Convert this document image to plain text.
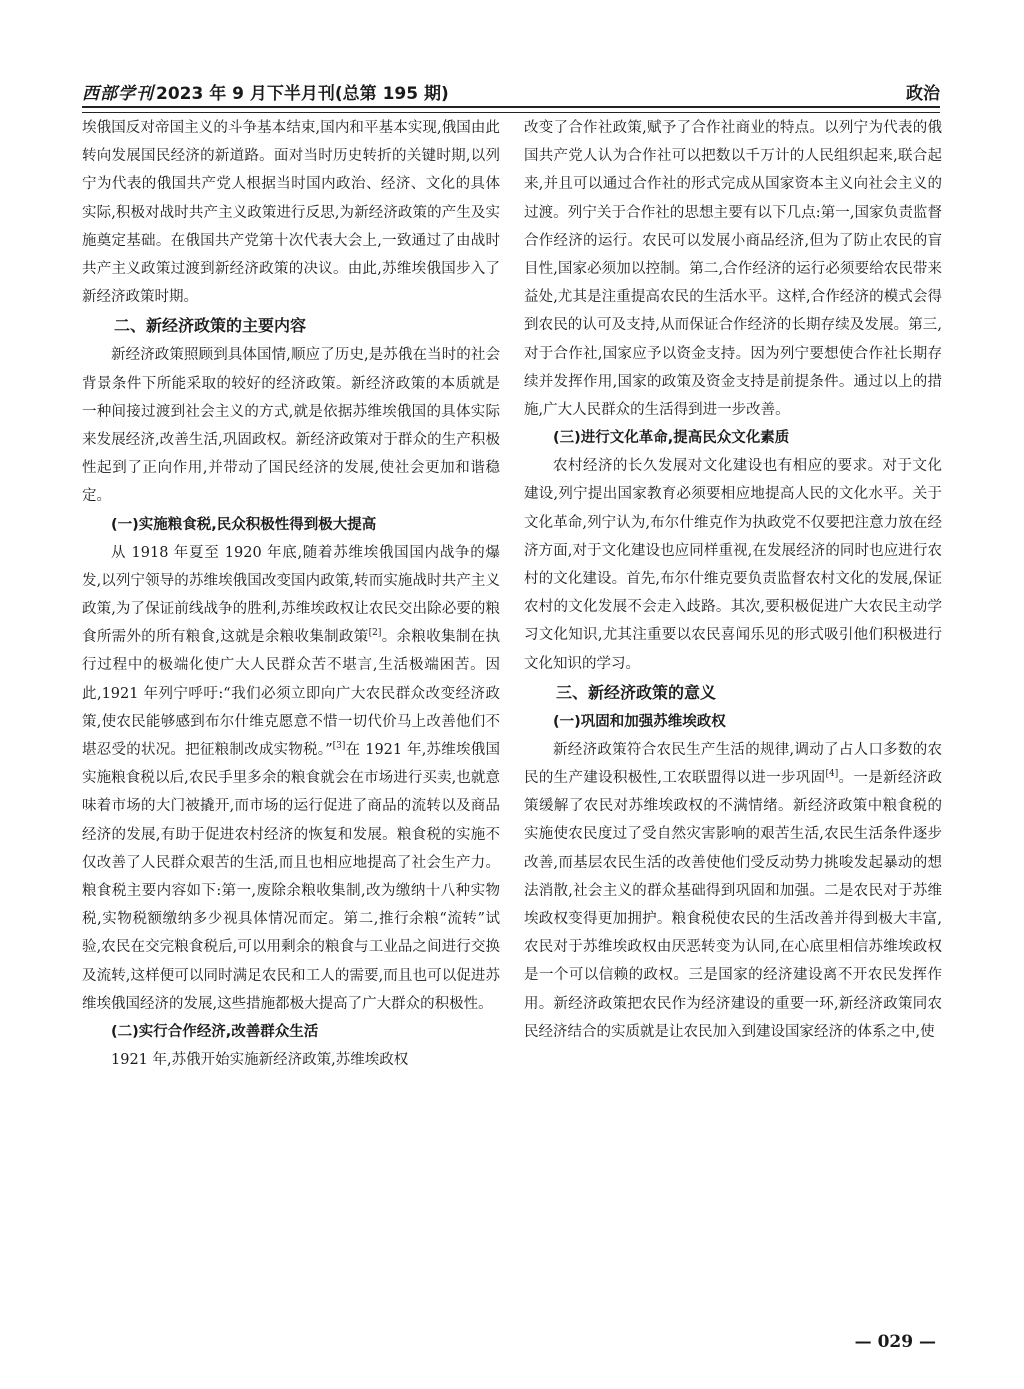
西部学刊 2023 年 9 月下半月刊(总第 195 期)	政治

埃俄国反对帝国主义的斗争基本结束,国内和平基本实现,俄国由此转向发展国民经济的新道路。面对当时历史转折的关键时期,以列宁为代表的俄国共产党人根据当时国内政治、经济、文化的具体实际,积极对战时共产主义政策进行反思,为新经济政策的产生及实施奠定基础。在俄国共产党第十次代表大会上,一致通过了由战时共产主义政策过渡到新经济政策的决议。由此,苏维埃俄国步入了新经济政策时期。

二、新经济政策的主要内容

新经济政策照顾到具体国情,顺应了历史,是苏俄在当时的社会背景条件下所能采取的较好的经济政策。新经济政策的本质就是一种间接过渡到社会主义的方式,就是依据苏维埃俄国的具体实际来发展经济,改善生活,巩固政权。新经济政策对于群众的生产积极性起到了正向作用,并带动了国民经济的发展,使社会更加和谐稳定。

(一)实施粮食税,民众积极性得到极大提高

从 1918 年夏至 1920 年底,随着苏维埃俄国国内战争的爆发,以列宁领导的苏维埃俄国改变国内政策,转而实施战时共产主义政策,为了保证前线战争的胜利,苏维埃政权让农民交出除必要的粮食所需外的所有粮食,这就是余粮收集制政策[2]。余粮收集制在执行过程中的极端化使广大人民群众苦不堪言,生活极端困苦。因此,1921 年列宁呼吁:“我们必须立即向广大农民群众改变经济政策,使农民能够感到布尔什维克愿意不惜一切代价马上改善他们不堪忍受的状况。把征粮制改成实物税。”[3]在 1921 年,苏维埃俄国实施粮食税以后,农民手里多余的粮食就会在市场进行买卖,也就意味着市场的大门被撬开,而市场的运行促进了商品的流转以及商品经济的发展,有助于促进农村经济的恢复和发展。粮食税的实施不仅改善了人民群众艰苦的生活,而且也相应地提高了社会生产力。粮食税主要内容如下:第一,废除余粮收集制,改为缴纳十八种实物税,实物税额缴纳多少视具体情况而定。第二,推行余粮“流转”试验,农民在交完粮食税后,可以用剩余的粮食与工业品之间进行交换及流转,这样便可以同时满足农民和工人的需要,而且也可以促进苏维埃俄国经济的发展,这些措施都极大提高了广大群众的积极性。

(二)实行合作经济,改善群众生活

1921 年,苏俄开始实施新经济政策,苏维埃政权

改变了合作社政策,赋予了合作社商业的特点。以列宁为代表的俄国共产党人认为合作社可以把数以千万计的人民组织起来,联合起来,并且可以通过合作社的形式完成从国家资本主义向社会主义的过渡。列宁关于合作社的思想主要有以下几点:第一,国家负责监督合作经济的运行。农民可以发展小商品经济,但为了防止农民的盲目性,国家必须加以控制。第二,合作经济的运行必须要给农民带来益处,尤其是注重提高农民的生活水平。这样,合作经济的模式会得到农民的认可及支持,从而保证合作经济的长期存续及发展。第三,对于合作社,国家应予以资金支持。因为列宁要想使合作社长期存续并发挥作用,国家的政策及资金支持是前提条件。通过以上的措施,广大人民群众的生活得到进一步改善。

(三)进行文化革命,提高民众文化素质

农村经济的长久发展对文化建设也有相应的要求。对于文化建设,列宁提出国家教育必须要相应地提高人民的文化水平。关于文化革命,列宁认为,布尔什维克作为执政党不仅要把注意力放在经济方面,对于文化建设也应同样重视,在发展经济的同时也应进行农村的文化建设。首先,布尔什维克要负责监督农村文化的发展,保证农村的文化发展不会走入歧路。其次,要积极促进广大农民主动学习文化知识,尤其注重要以农民喜闻乐见的形式吸引他们积极进行文化知识的学习。

三、新经济政策的意义
(一)巩固和加强苏维埃政权

新经济政策符合农民生产生活的规律,调动了占人口多数的农民的生产建设积极性,工农联盟得以进一步巩固[4]。一是新经济政策缓解了农民对苏维埃政权的不满情绪。新经济政策中粮食税的实施使农民度过了受自然灾害影响的艰苦生活,农民生活条件逐步改善,而基层农民生活的改善使他们受反动势力挑唆发起暴动的想法消散,社会主义的群众基础得到巩固和加强。二是农民对于苏维埃政权变得更加拥护。粮食税使农民的生活改善并得到极大丰富,农民对于苏维埃政权由厌恶转变为认同,在心底里相信苏维埃政权是一个可以信赖的政权。三是国家的经济建设离不开农民发挥作用。新经济政策把农民作为经济建设的重要一环,新经济政策同农民经济结合的实质就是让农民加入到建设国家经济的体系之中,使

— 029 —
